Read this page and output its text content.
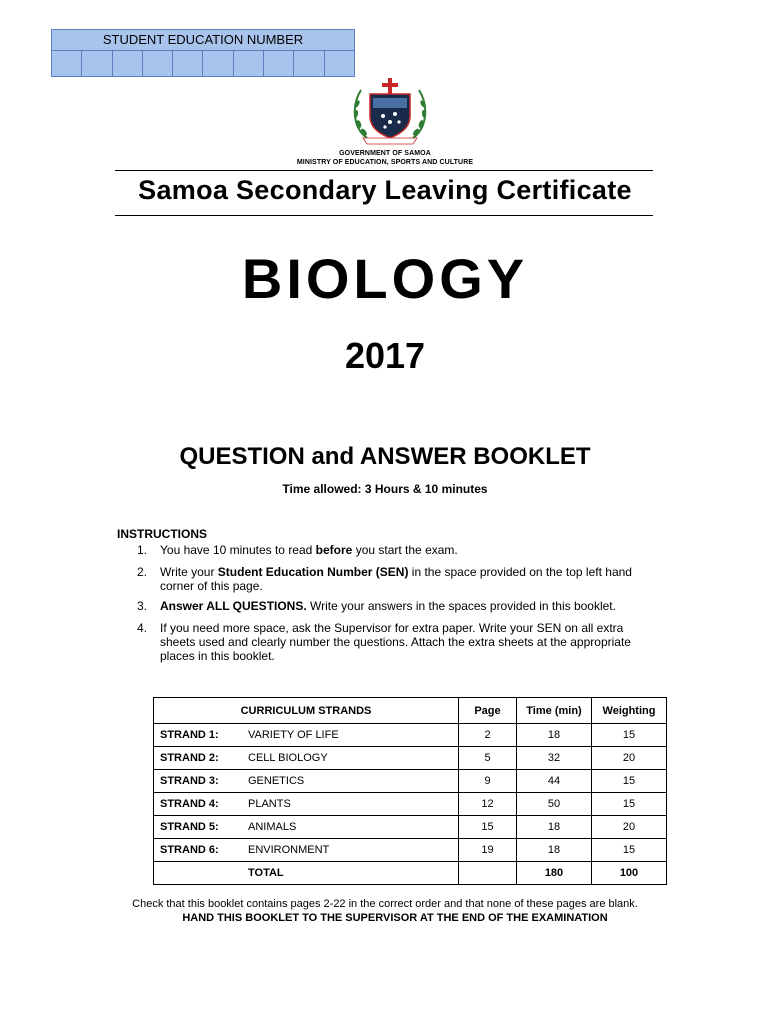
STUDENT EDUCATION NUMBER
GOVERNMENT OF SAMOA
MINISTRY OF EDUCATION, SPORTS AND CULTURE
Samoa Secondary Leaving Certificate
BIOLOGY
2017
QUESTION and ANSWER BOOKLET
Time allowed: 3 Hours & 10 minutes
INSTRUCTIONS
1. You have 10 minutes to read before you start the exam.
2. Write your Student Education Number (SEN) in the space provided on the top left hand corner of this page.
3. Answer ALL QUESTIONS. Write your answers in the spaces provided in this booklet.
4. If you need more space, ask the Supervisor for extra paper. Write your SEN on all extra sheets used and clearly number the questions. Attach the extra sheets at the appropriate places in this booklet.
CURRICULUM STRANDS		Page	Time (min)	Weighting
STRAND 1:	VARIETY OF LIFE	2	18	15
STRAND 2:	CELL BIOLOGY	5	32	20
STRAND 3:	GENETICS	9	44	15
STRAND 4:	PLANTS	12	50	15
STRAND 5:	ANIMALS	15	18	20
STRAND 6:	ENVIRONMENT	19	18	15
	TOTAL		180	100
Check that this booklet contains pages 2-22 in the correct order and that none of these pages are blank.
HAND THIS BOOKLET TO THE SUPERVISOR AT THE END OF THE EXAMINATION
